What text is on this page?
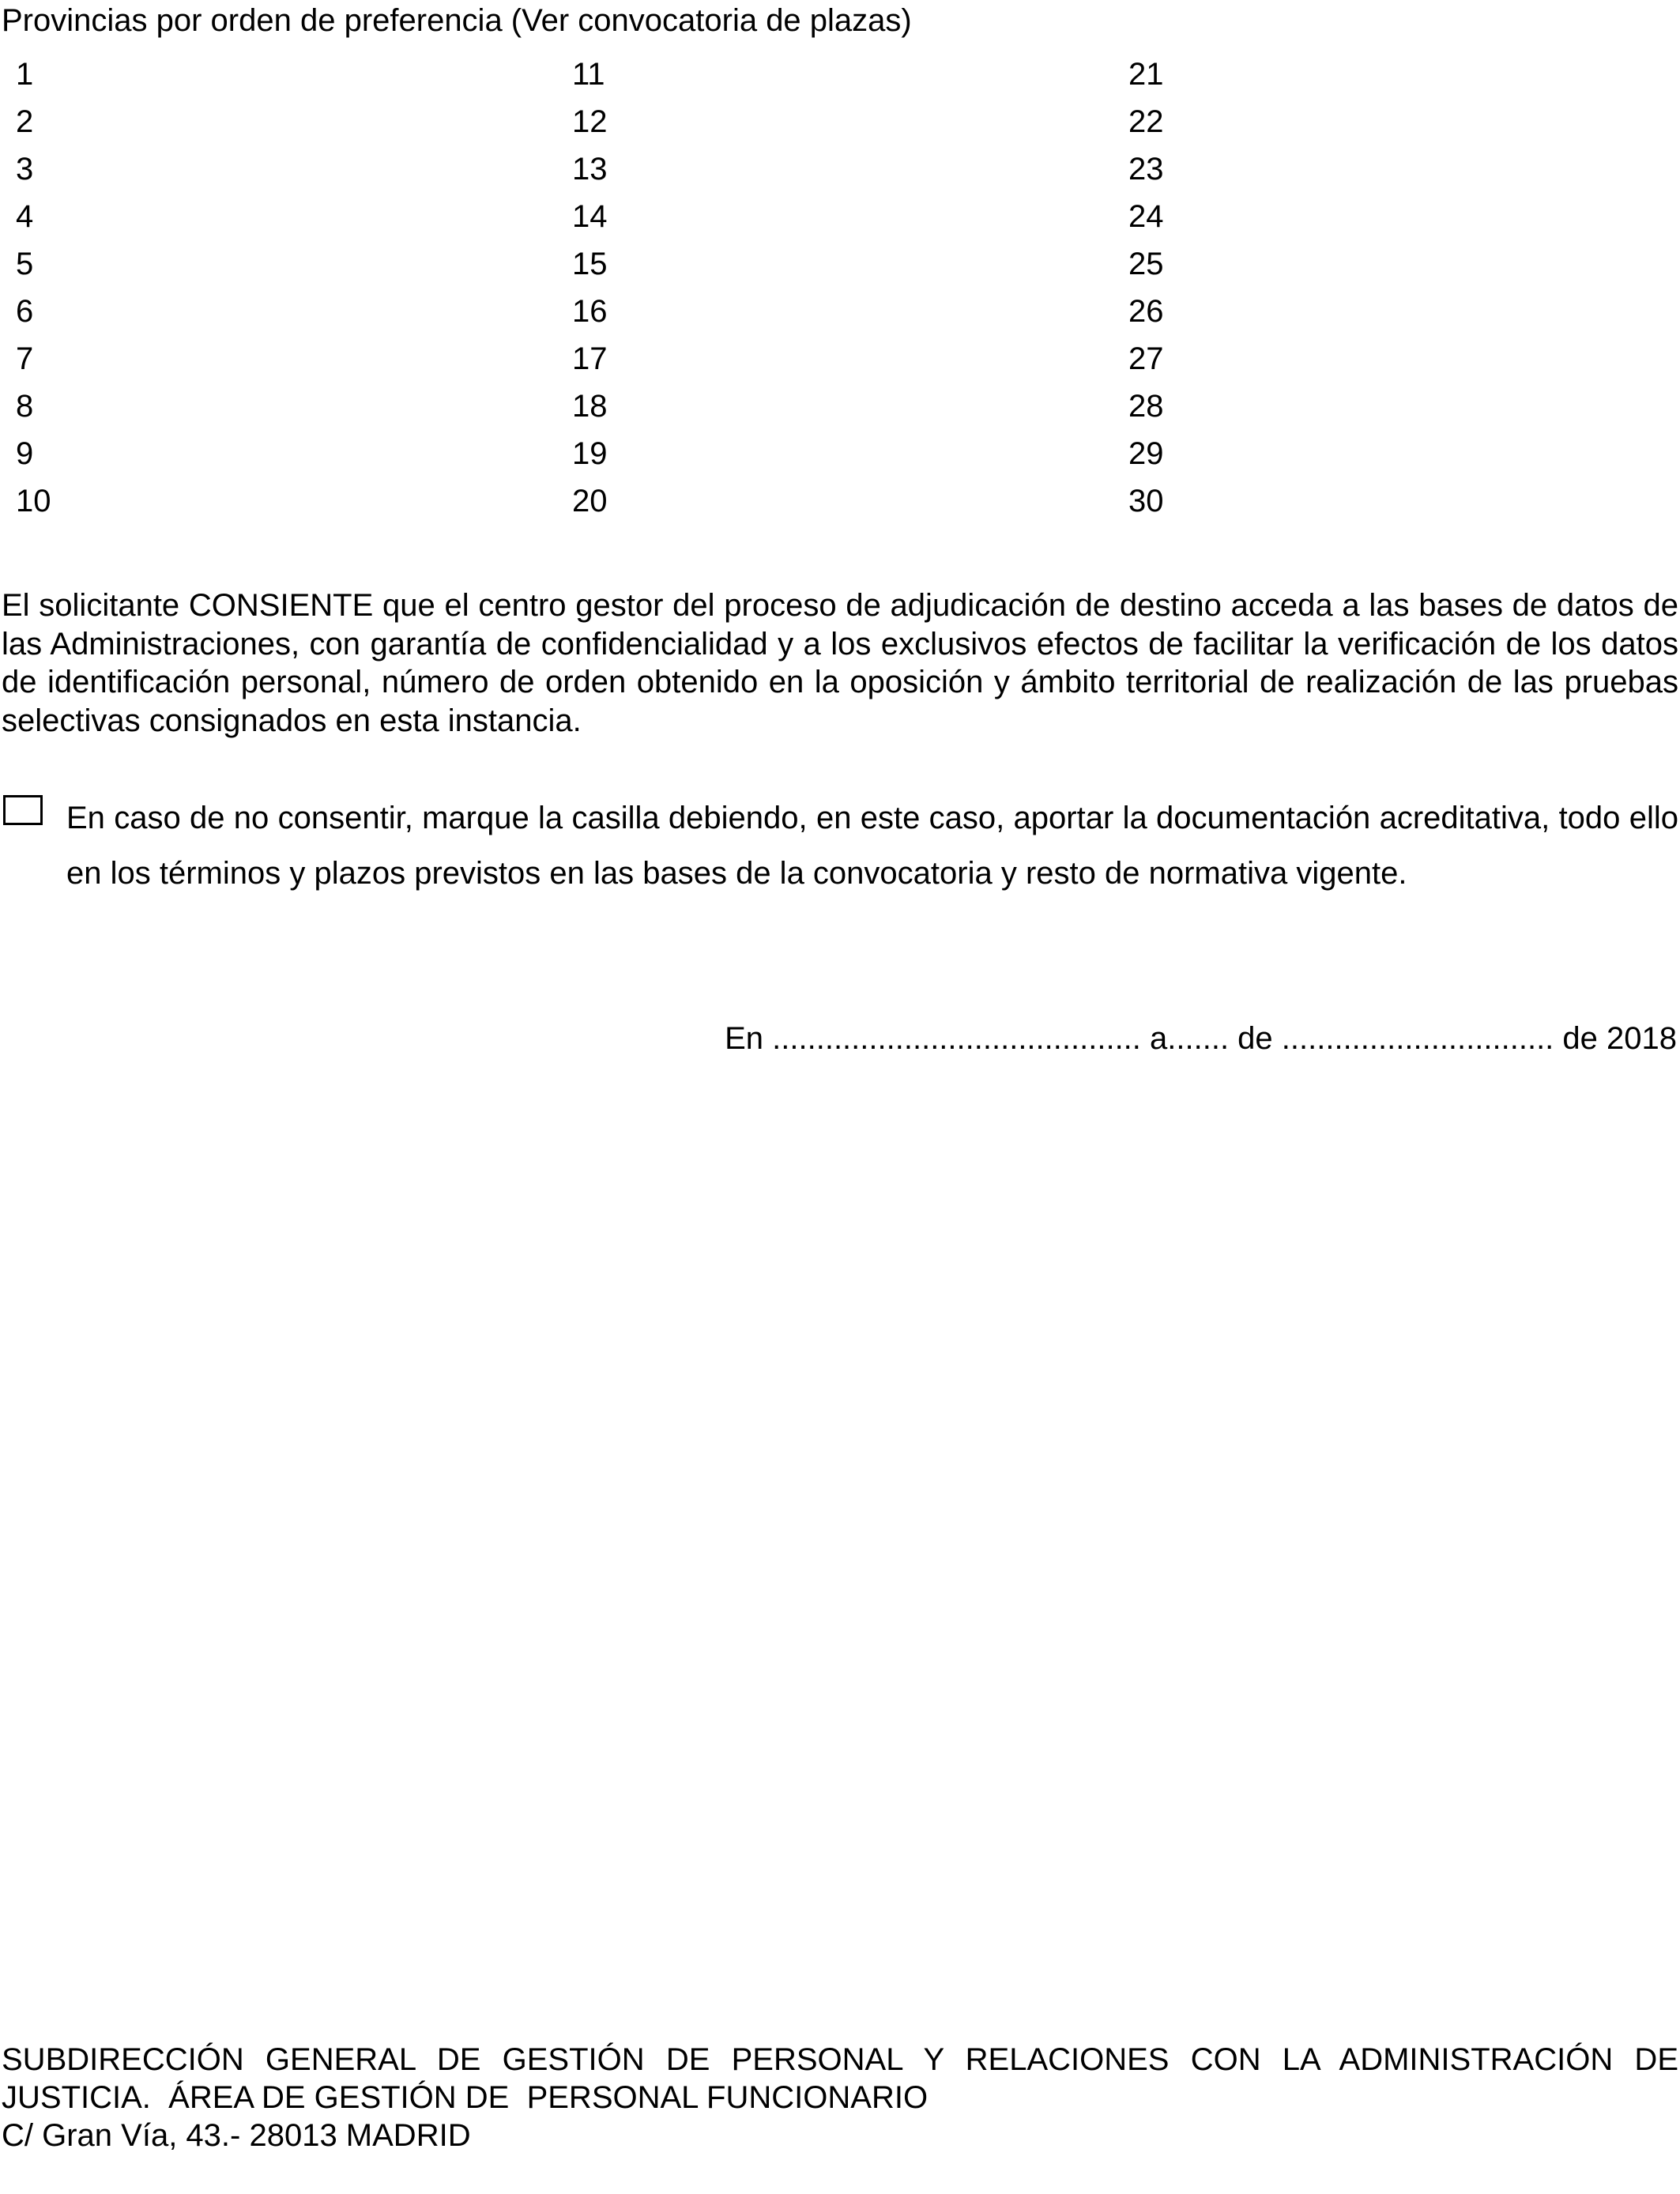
Provincias por orden de preferencia (Ver convocatoria de plazas)
1
2
3
4
5
6
7
8
9
10
11
12
13
14
15
16
17
18
19
20
21
22
23
24
25
26
27
28
29
30
El solicitante CONSIENTE que el centro gestor del proceso de adjudicación de destino acceda a las bases de datos de las Administraciones, con garantía de confidencialidad y a los exclusivos efectos de facilitar la verificación de los datos de identificación personal, número de orden obtenido en la oposición y ámbito territorial de realización de las pruebas selectivas consignados en esta instancia.
En caso de no consentir, marque la casilla debiendo, en este caso, aportar la documentación acreditativa, todo ello en los términos y plazos previstos en las bases de la convocatoria y resto de normativa vigente.
En .......................................... a....... de ............................... de 2018
SUBDIRECCIÓN GENERAL DE GESTIÓN DE PERSONAL Y RELACIONES CON LA ADMINISTRACIÓN DE
JUSTICIA.  ÁREA DE GESTIÓN DE  PERSONAL FUNCIONARIO
C/ Gran Vía, 43.- 28013 MADRID
